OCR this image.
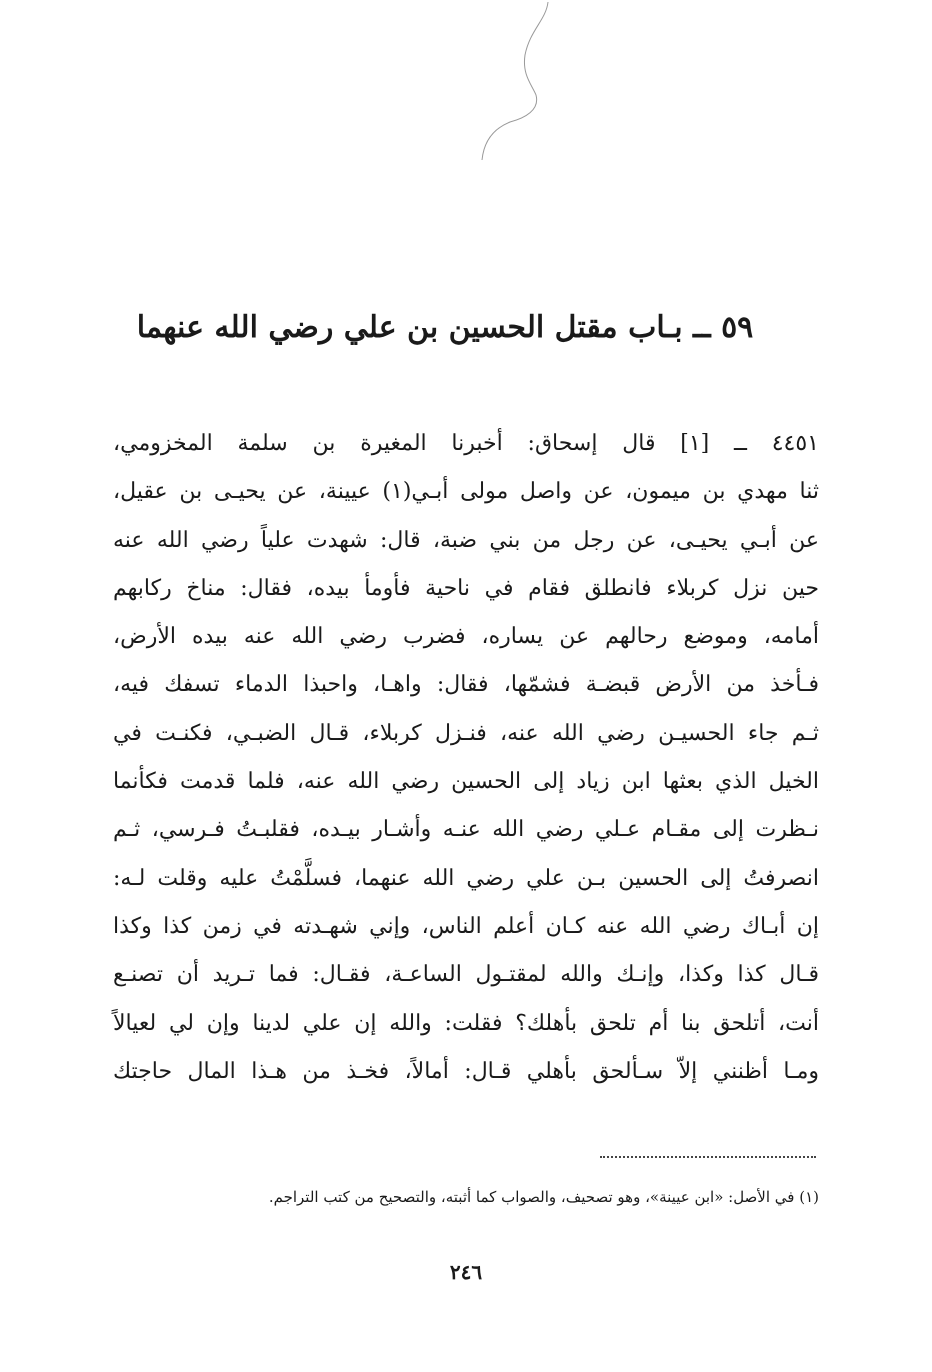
٥٩ ــ بـاب مقتل الحسين بن علي رضي الله عنهما
٤٤٥١ ــ [١] قال إسحاق: أخبرنا المغيرة بن سلمة المخزومي،
ثنا مهدي بن ميمون، عن واصل مولى أبـي(١) عيينة، عن يحيـى بن عقيل،
عن أبـي يحيـى، عن رجل من بني ضبة، قال: شهدت علياً رضي الله عنه
حين نزل كربلاء فانطلق فقام في ناحية فأومأ بيده، فقال: مناخ ركابهم
أمامه، وموضع رحالهم عن يساره، فضرب رضي الله عنه بيده الأرض،
فـأخذ من الأرض قبضـة فشمّها، فقال: واهـا، واحبذا الدماء تسفك فيه،
ثـم جاء الحسيـن رضي الله عنه، فنـزل كربلاء، قـال الضبـي، فكنـت في
الخيل الذي بعثها ابن زياد إلى الحسين رضي الله عنه، فلما قدمت فكأنما
نـظرت إلى مقـام عـلي رضي الله عنـه وأشـار بيـده، فقلبـتُ فـرسي، ثـم
انصرفتُ إلى الحسين بـن علي رضي الله عنهما، فسلَّمْتُ عليه وقلت لـه:
إن أبـاك رضي الله عنه كـان أعلم الناس، وإني شهـدته في زمن كذا وكذا
قـال كذا وكذا، وإنـك والله لمقتـول الساعـة، فقـال: فما تـريد أن تصنـع
أنت، أتلحق بنا أم تلحق بأهلك؟ فقلت: والله إن علي لدينا وإن لي لعيالاً
ومـا أظنني إلاّ سـألحق بأهلي قـال: أمالاً، فخـذ من هـذا المال حاجتك
(١) في الأصل: «ابن عيينة»، وهو تصحيف، والصواب كما أثبته، والتصحيح من كتب التراجم.
٢٤٦
